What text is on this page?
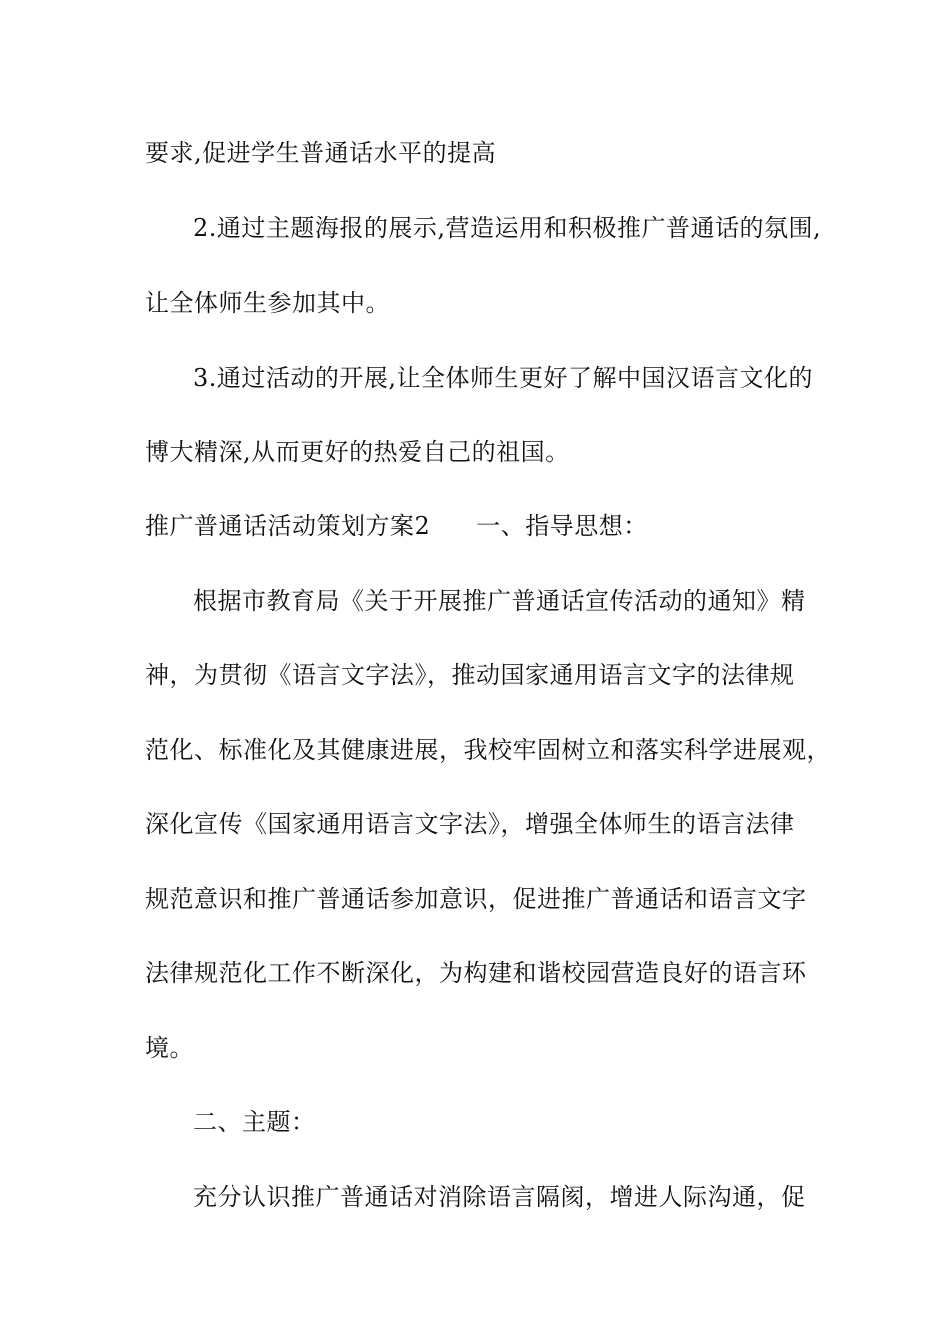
要求,促进学生普通话水平的提高
2.通过主题海报的展示,营造运用和积极推广普通话的氛围,
让全体师生参加其中。
3.通过活动的开展,让全体师生更好了解中国汉语言文化的
博大精深,从而更好的热爱自己的祖国。
推广普通话活动策划方案2 一、指导思想：
根据市教育局《关于开展推广普通话宣传活动的通知》精
神，为贯彻《语言文字法》，推动国家通用语言文字的法律规
范化、标准化及其健康进展，我校牢固树立和落实科学进展观，
深化宣传《国家通用语言文字法》，增强全体师生的语言法律
规范意识和推广普通话参加意识，促进推广普通话和语言文字
法律规范化工作不断深化，为构建和谐校园营造良好的语言环
境。
二、主题：
充分认识推广普通话对消除语言隔阂，增进人际沟通，促
